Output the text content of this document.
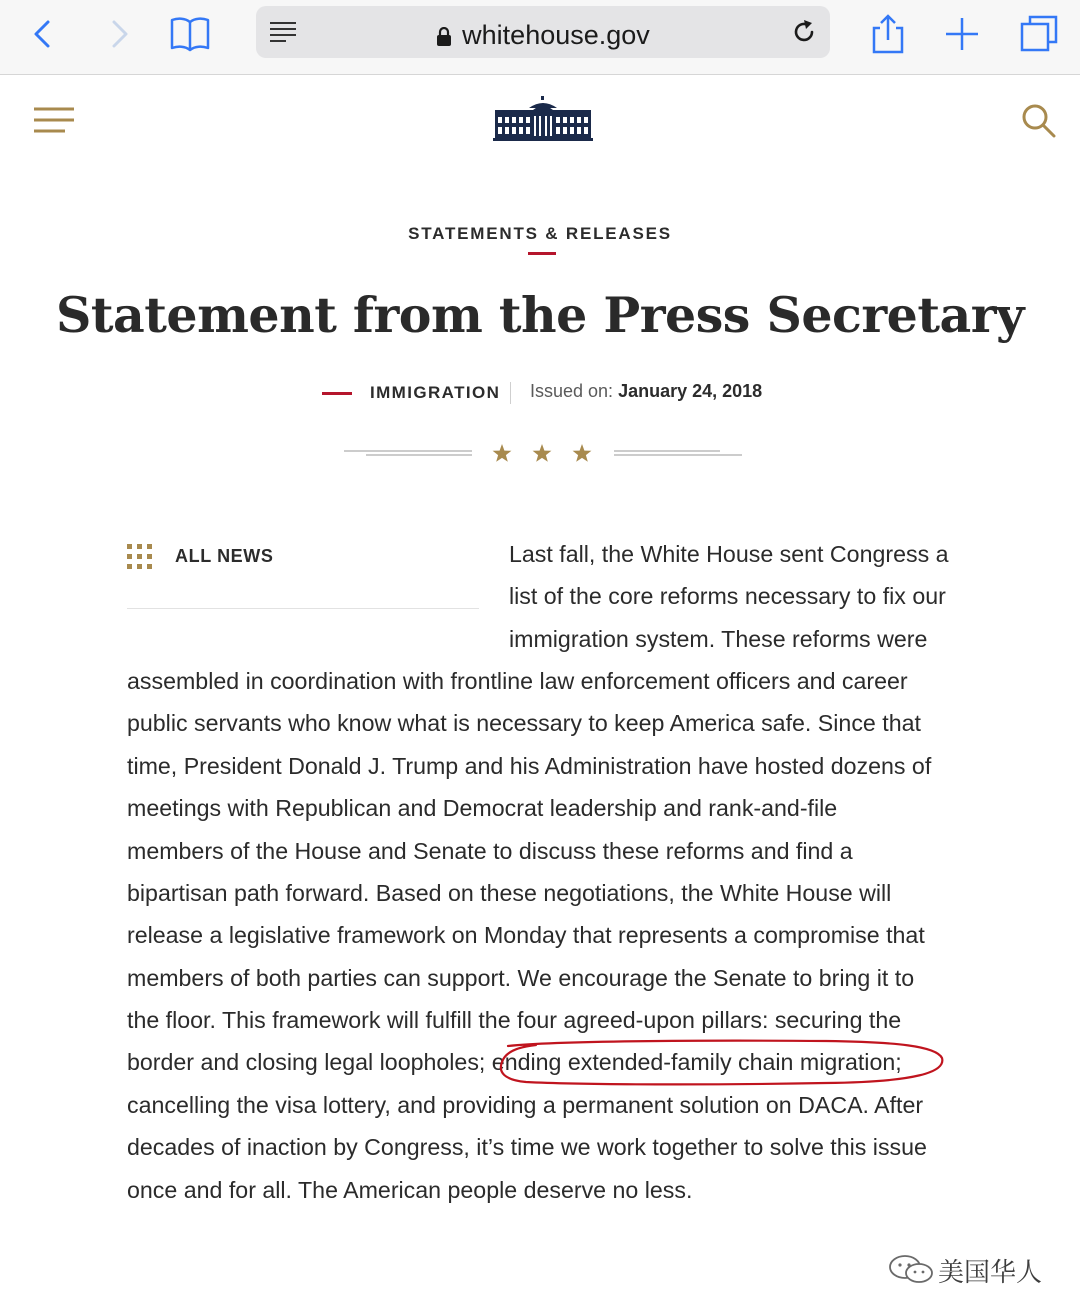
whitehouse.gov
STATEMENTS & RELEASES
Statement from the Press Secretary
IMMIGRATION Issued on: January 24, 2018
ALL NEWS	Last fall, the White House sent Congress a
list of the core reforms necessary to fix our
immigration system. These reforms were
assembled in coordination with frontline law enforcement officers and career
public servants who know what is necessary to keep America safe. Since that
time, President Donald J. Trump and his Administration have hosted dozens of
meetings with Republican and Democrat leadership and rank-and-file
members of the House and Senate to discuss these reforms and find a
bipartisan path forward. Based on these negotiations, the White House will
release a legislative framework on Monday that represents a compromise that
members of both parties can support. We encourage the Senate to bring it to
the floor. This framework will fulfill the four agreed-upon pillars: securing the
border and closing legal loopholes; ending extended-family chain migration;
cancelling the visa lottery, and providing a permanent solution on DACA. After
decades of inaction by Congress, it’s time we work together to solve this issue
once and for all. The American people deserve no less.
美国华人
